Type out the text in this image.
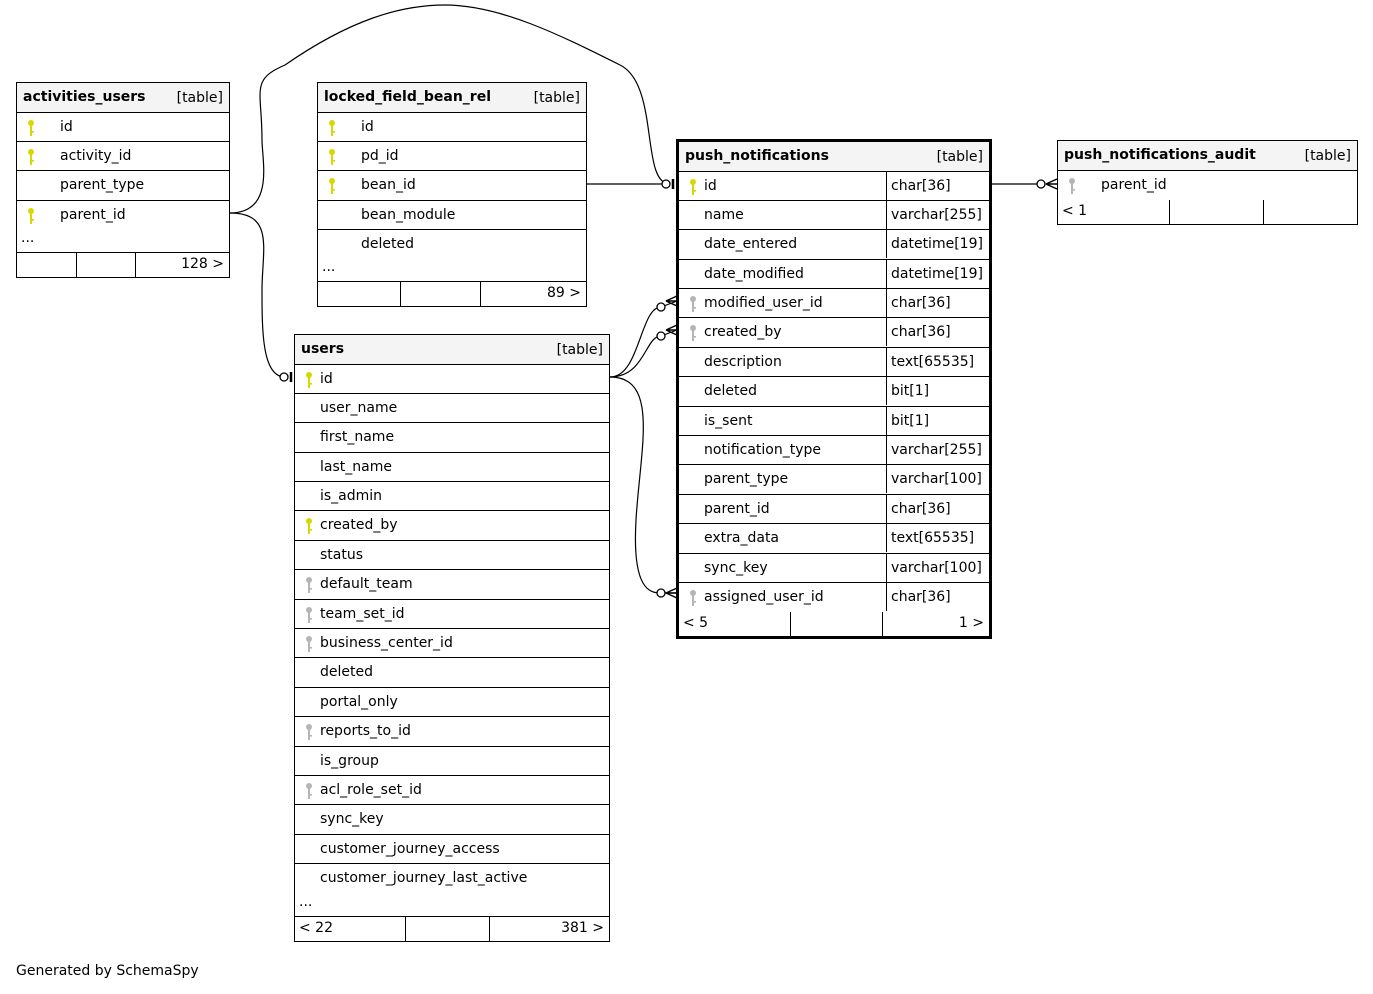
activities_users [table]
id
activity_id
parent_type
parent_id
...
128 >
locked_field_bean_rel	[table]
id
pd_id
bean_id
bean_module
deleted
...
89 >
push_notifications	[table]
id	char[36]
name	varchar[255]
date_entered	datetime[19]
date_modified	datetime[19]
modified_user_id	char[36]
created_by	char[36]
description	text[65535]
deleted	bit[1]
is_sent	bit[1]
notification_type	varchar[255]
parent_type	varchar[100]
parent_id	char[36]
extra_data	text[65535]
sync_key	varchar[100]
assigned_user_id	char[36]
< 5	1 >
push_notifications_audit	[table]
parent_id
< 1
users	[table]
id
user_name
first_name
last_name
is_admin
created_by
status
default_team
team_set_id
business_center_id
deleted
portal_only
reports_to_id
is_group
acl_role_set_id
sync_key
customer_journey_access
customer_journey_last_active
...
< 22	381 >
Generated by SchemaSpy
